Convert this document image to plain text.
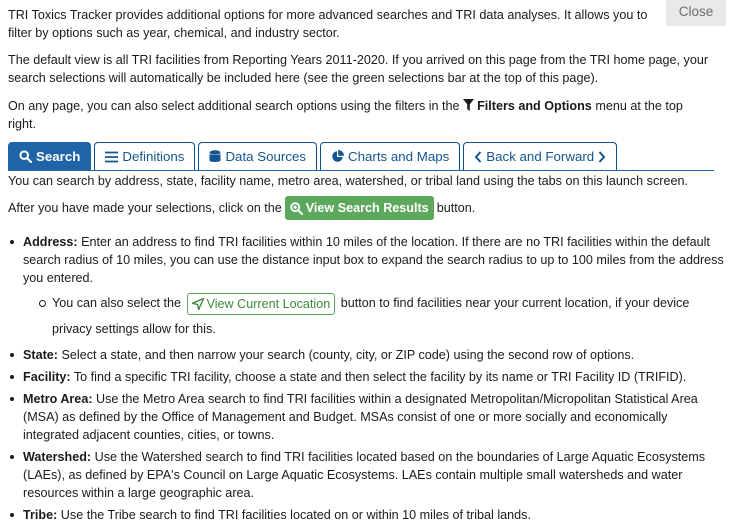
Close
TRI Toxics Tracker provides additional options for more advanced searches and TRI data analyses. It allows you to filter by options such as year, chemical, and industry sector.
The default view is all TRI facilities from Reporting Years 2011-2020. If you arrived on this page from the TRI home page, your search selections will automatically be included here (see the green selections bar at the top of this page).
On any page, you can also select additional search options using the filters in the Filters and Options menu at the top right.
Search	Definitions	Data Sources	Charts and Maps	Back and Forward
You can search by address, state, facility name, metro area, watershed, or tribal land using the tabs on this launch screen.
After you have made your selections, click on the View Search Results button.
Address: Enter an address to find TRI facilities within 10 miles of the location. If there are no TRI facilities within the default search radius of 10 miles, you can use the distance input box to expand the search radius to up to 100 miles from the address you entered.
You can also select the View Current Location button to find facilities near your current location, if your device privacy settings allow for this.
State: Select a state, and then narrow your search (county, city, or ZIP code) using the second row of options.
Facility: To find a specific TRI facility, choose a state and then select the facility by its name or TRI Facility ID (TRIFID).
Metro Area: Use the Metro Area search to find TRI facilities within a designated Metropolitan/Micropolitan Statistical Area (MSA) as defined by the Office of Management and Budget. MSAs consist of one or more socially and economically integrated adjacent counties, cities, or towns.
Watershed: Use the Watershed search to find TRI facilities located based on the boundaries of Large Aquatic Ecosystems (LAEs), as defined by EPA's Council on Large Aquatic Ecosystems. LAEs contain multiple small watersheds and water resources within a large geographic area.
Tribe: Use the Tribe search to find TRI facilities located on or within 10 miles of tribal lands.
